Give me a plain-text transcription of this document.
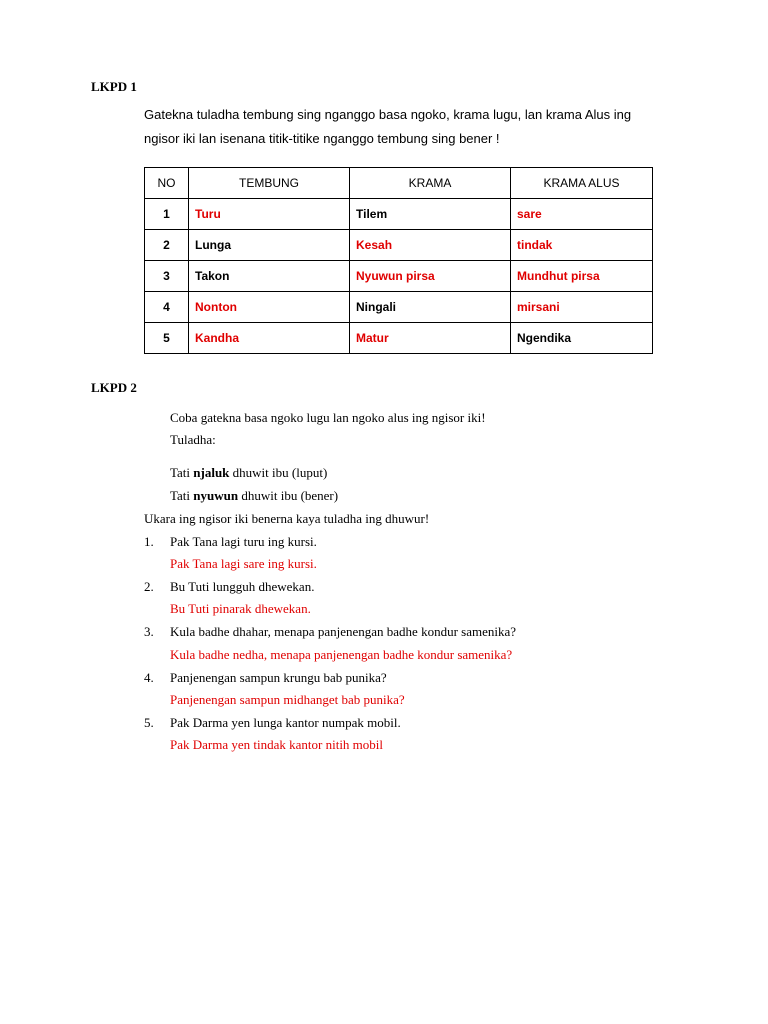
LKPD 1
Gatekna tuladha tembung sing nganggo basa ngoko, krama lugu, lan krama Alus ing
ngisor iki lan isenana titik-titike nganggo tembung sing bener !
NO	TEMBUNG	KRAMA	KRAMA ALUS
1	Turu	Tilem	sare
2	Lunga	Kesah	tindak
3	Takon	Nyuwun pirsa	Mundhut pirsa
4	Nonton	Ningali	mirsani
5	Kandha	Matur	Ngendika
LKPD 2
Coba gatekna basa ngoko lugu lan ngoko alus ing ngisor iki!
Tuladha:
Tati njaluk dhuwit ibu (luput)
Tati nyuwun dhuwit ibu (bener)
Ukara ing ngisor iki benerna kaya tuladha ing dhuwur!
1. Pak Tana lagi turu ing kursi.
Pak Tana lagi sare ing kursi.
2. Bu Tuti lungguh dhewekan.
Bu Tuti pinarak dhewekan.
3. Kula badhe dhahar, menapa panjenengan badhe kondur samenika?
Kula badhe nedha, menapa panjenengan badhe kondur samenika?
4. Panjenengan sampun krungu bab punika?
Panjenengan sampun midhanget bab punika?
5. Pak Darma yen lunga kantor numpak mobil.
Pak Darma yen tindak kantor nitih mobil
